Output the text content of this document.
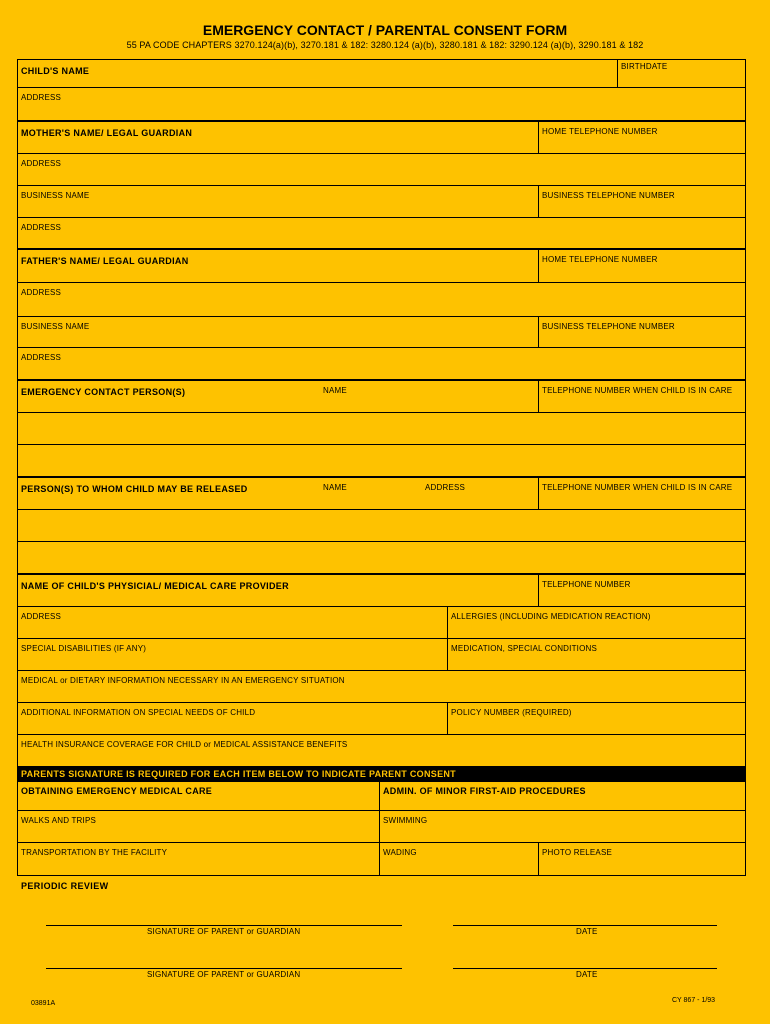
EMERGENCY CONTACT / PARENTAL CONSENT FORM
55 PA CODE CHAPTERS 3270.124(a)(b), 3270.181 & 182: 3280.124 (a)(b), 3280.181 & 182: 3290.124 (a)(b), 3290.181 & 182
CHILD'S NAME	BIRTHDATE
ADDRESS
MOTHER'S NAME/ LEGAL GUARDIAN	HOME TELEPHONE NUMBER
ADDRESS
BUSINESS NAME	BUSINESS TELEPHONE NUMBER
ADDRESS
FATHER'S NAME/ LEGAL GUARDIAN	HOME TELEPHONE NUMBER
ADDRESS
BUSINESS NAME	BUSINESS TELEPHONE NUMBER
ADDRESS
EMERGENCY CONTACT PERSON(S)	NAME	TELEPHONE NUMBER WHEN CHILD IS IN CARE
PERSON(S) TO WHOM CHILD MAY BE RELEASED	NAME	ADDRESS	TELEPHONE NUMBER WHEN CHILD IS IN CARE
NAME OF CHILD'S PHYSICIAL/ MEDICAL CARE PROVIDER	TELEPHONE NUMBER
ADDRESS	ALLERGIES (INCLUDING MEDICATION REACTION)
SPECIAL DISABILITIES (IF ANY)	MEDICATION, SPECIAL CONDITIONS
MEDICAL or DIETARY INFORMATION NECESSARY IN AN EMERGENCY SITUATION
ADDITIONAL INFORMATION ON SPECIAL NEEDS OF CHILD	POLICY NUMBER (REQUIRED)
HEALTH INSURANCE COVERAGE FOR CHILD or MEDICAL ASSISTANCE BENEFITS
PARENTS SIGNATURE IS REQUIRED FOR EACH ITEM BELOW TO INDICATE PARENT CONSENT
OBTAINING EMERGENCY MEDICAL CARE	ADMIN. OF MINOR FIRST-AID PROCEDURES
WALKS AND TRIPS	SWIMMING
TRANSPORTATION BY THE FACILITY	WADING	PHOTO RELEASE
PERIODIC REVIEW
SIGNATURE OF PARENT or GUARDIAN	DATE
SIGNATURE OF PARENT or GUARDIAN	DATE
03891A	CY 867 - 1/93
